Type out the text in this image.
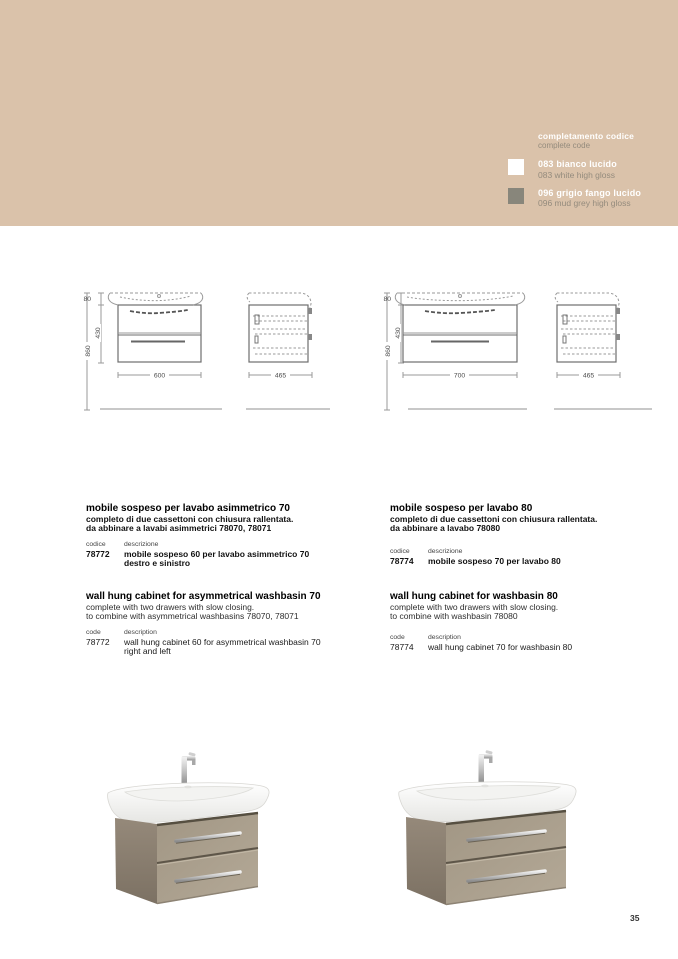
completamento codice
complete code
083 bianco lucido
083 white high gloss
096 grigio fango lucido
096 mud grey high gloss
80
430
860
600	465
80
430
860
700	465
mobile sospeso per lavabo asimmetrico 70
completo di due cassettoni con chiusura rallentata.
da abbinare a lavabi asimmetrici 78070, 78071
codice	descrizione
78772	mobile sospeso 60 per lavabo asimmetrico 70
destro e sinistro
wall hung cabinet for asymmetrical washbasin 70
complete with two drawers with slow closing.
to combine with asymmetrical washbasins 78070, 78071
code	description
78772	wall hung cabinet 60 for asymmetrical washbasin 70
right and left
mobile sospeso per lavabo 80
completo di due cassettoni con chiusura rallentata.
da abbinare a lavabo 78080
codice	descrizione
78774	mobile sospeso 70 per lavabo 80
wall hung cabinet for washbasin 80
complete with two drawers with slow closing.
to combine with washbasin 78080
code	description
78774	wall hung cabinet 70 for washbasin 80
35
